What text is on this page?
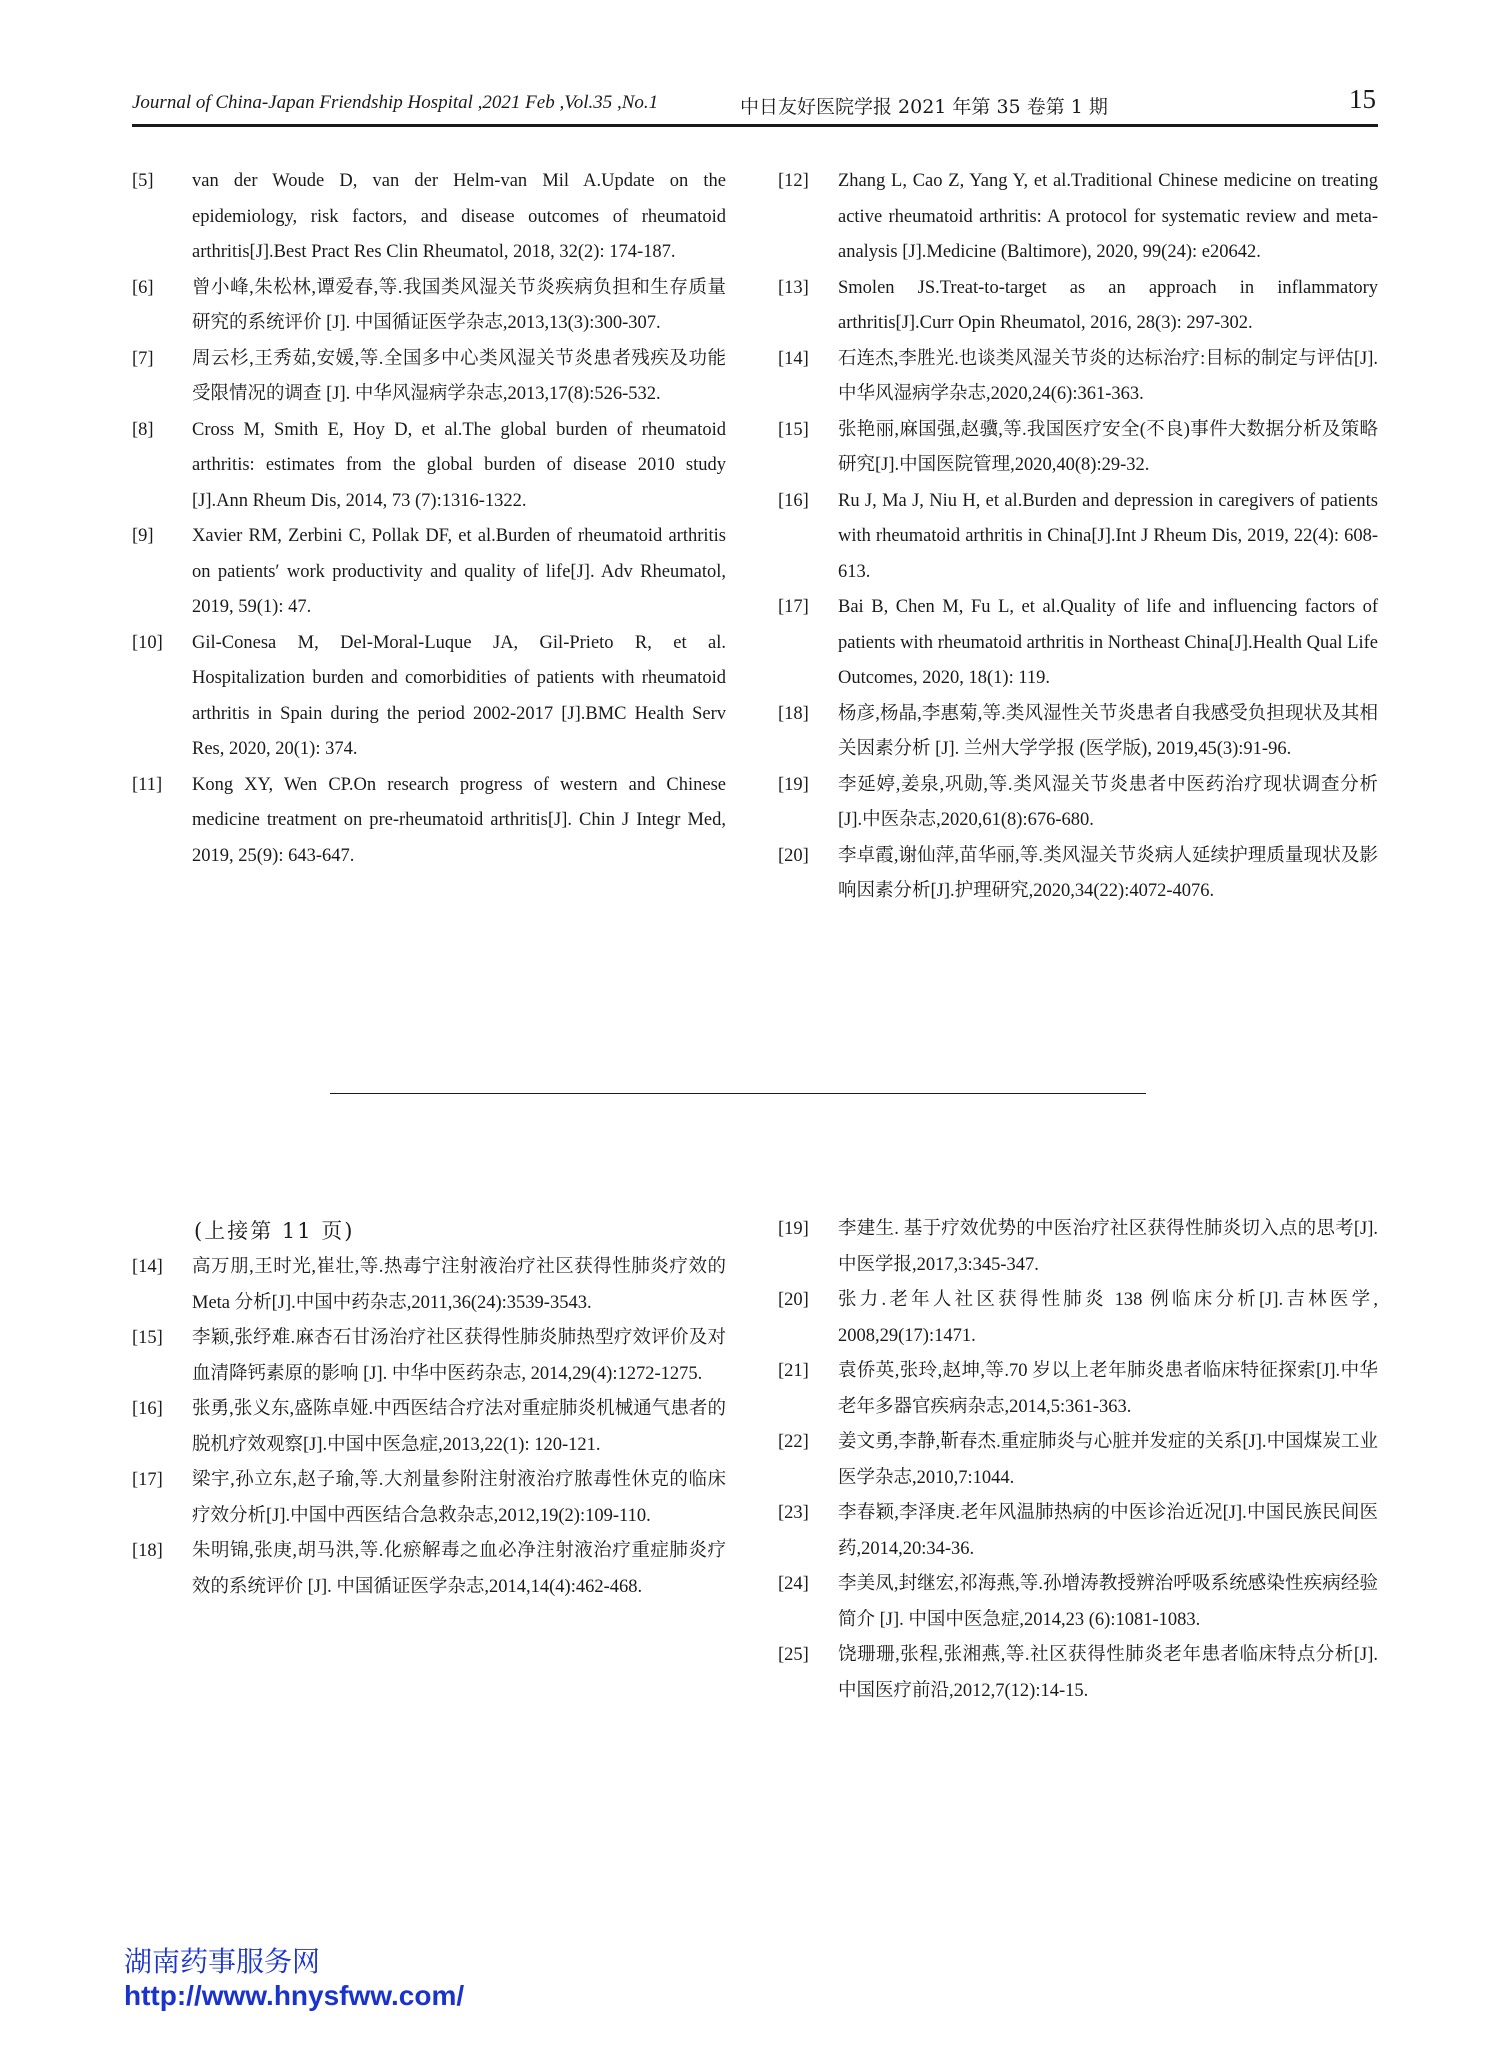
Journal of China-Japan Friendship Hospital ,2021 Feb ,Vol.35 ,No.1	中日友好医院学报 2021 年第 35 卷第 1 期	15
[5] van der Woude D, van der Helm-van Mil A.Update on the epidemiology, risk factors, and disease outcomes of rheumatoid arthritis[J].Best Pract Res Clin Rheumatol, 2018, 32(2): 174-187.
[6] 曾小峰,朱松林,谭爱春,等.我国类风湿关节炎疾病负担和生存质量研究的系统评价 [J]. 中国循证医学杂志,2013,13(3):300-307.
[7] 周云杉,王秀茹,安媛,等.全国多中心类风湿关节炎患者残疾及功能受限情况的调查 [J]. 中华风湿病学杂志,2013,17(8):526-532.
[8] Cross M, Smith E, Hoy D, et al.The global burden of rheumatoid arthritis: estimates from the global burden of disease 2010 study [J].Ann Rheum Dis, 2014, 73 (7):1316-1322.
[9] Xavier RM, Zerbini C, Pollak DF, et al.Burden of rheumatoid arthritis on patients′ work productivity and quality of life[J]. Adv Rheumatol, 2019, 59(1): 47.
[10] Gil-Conesa M, Del-Moral-Luque JA, Gil-Prieto R, et al. Hospitalization burden and comorbidities of patients with rheumatoid arthritis in Spain during the period 2002-2017 [J].BMC Health Serv Res, 2020, 20(1): 374.
[11] Kong XY, Wen CP.On research progress of western and Chinese medicine treatment on pre-rheumatoid arthritis[J]. Chin J Integr Med, 2019, 25(9): 643-647.
[12] Zhang L, Cao Z, Yang Y, et al.Traditional Chinese medicine on treating active rheumatoid arthritis: A protocol for systematic review and meta-analysis [J].Medicine (Baltimore), 2020, 99(24): e20642.
[13] Smolen JS.Treat-to-target as an approach in inflammatory arthritis[J].Curr Opin Rheumatol, 2016, 28(3): 297-302.
[14] 石连杰,李胜光.也谈类风湿关节炎的达标治疗:目标的制定与评估[J].中华风湿病学杂志,2020,24(6):361-363.
[15] 张艳丽,麻国强,赵骥,等.我国医疗安全(不良)事件大数据分析及策略研究[J].中国医院管理,2020,40(8):29-32.
[16] Ru J, Ma J, Niu H, et al.Burden and depression in caregivers of patients with rheumatoid arthritis in China[J].Int J Rheum Dis, 2019, 22(4): 608-613.
[17] Bai B, Chen M, Fu L, et al.Quality of life and influencing factors of patients with rheumatoid arthritis in Northeast China[J].Health Qual Life Outcomes, 2020, 18(1): 119.
[18] 杨彦,杨晶,李惠菊,等.类风湿性关节炎患者自我感受负担现状及其相关因素分析 [J]. 兰州大学学报 (医学版), 2019,45(3):91-96.
[19] 李延婷,姜泉,巩勋,等.类风湿关节炎患者中医药治疗现状调查分析[J].中医杂志,2020,61(8):676-680.
[20] 李卓霞,谢仙萍,苗华丽,等.类风湿关节炎病人延续护理质量现状及影响因素分析[J].护理研究,2020,34(22):4072-4076.
(上接第 11 页)
[14] 高万朋,王时光,崔壮,等.热毒宁注射液治疗社区获得性肺炎疗效的 Meta 分析[J].中国中药杂志,2011,36(24):3539-3543.
[15] 李颖,张纾难.麻杏石甘汤治疗社区获得性肺炎肺热型疗效评价及对血清降钙素原的影响 [J]. 中华中医药杂志, 2014,29(4):1272-1275.
[16] 张勇,张义东,盛陈卓娅.中西医结合疗法对重症肺炎机械通气患者的脱机疗效观察[J].中国中医急症,2013,22(1): 120-121.
[17] 梁宇,孙立东,赵子瑜,等.大剂量参附注射液治疗脓毒性休克的临床疗效分析[J].中国中西医结合急救杂志,2012,19(2):109-110.
[18] 朱明锦,张庚,胡马洪,等.化瘀解毒之血必净注射液治疗重症肺炎疗效的系统评价 [J]. 中国循证医学杂志,2014,14(4):462-468.
[19] 李建生. 基于疗效优势的中医治疗社区获得性肺炎切入点的思考[J].中医学报,2017,3:345-347.
[20] 张力.老年人社区获得性肺炎 138 例临床分析[J].吉林医学, 2008,29(17):1471.
[21] 袁侨英,张玲,赵坤,等.70 岁以上老年肺炎患者临床特征探索[J].中华老年多器官疾病杂志,2014,5:361-363.
[22] 姜文勇,李静,靳春杰.重症肺炎与心脏并发症的关系[J].中国煤炭工业医学杂志,2010,7:1044.
[23] 李春颖,李泽庚.老年风温肺热病的中医诊治近况[J].中国民族民间医药,2014,20:34-36.
[24] 李美凤,封继宏,祁海燕,等.孙增涛教授辨治呼吸系统感染性疾病经验简介 [J]. 中国中医急症,2014,23 (6):1081-1083.
[25] 饶珊珊,张程,张湘燕,等.社区获得性肺炎老年患者临床特点分析[J].中国医疗前沿,2012,7(12):14-15.
湖南药事服务网
http://www.hnysfww.com/
